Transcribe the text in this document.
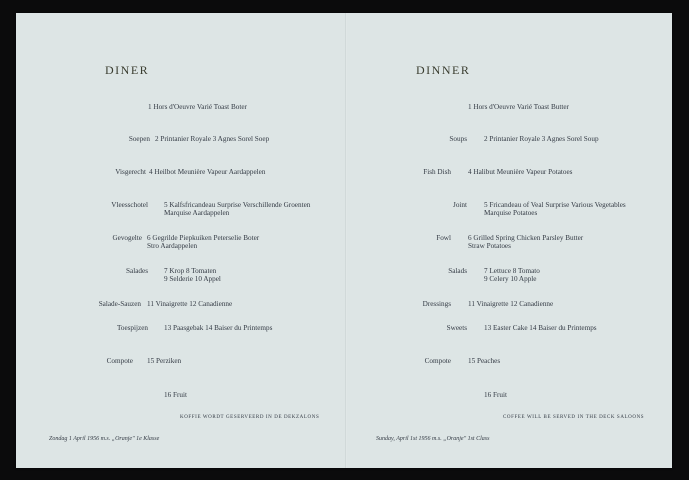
DINER
1 Hors d'Oeuvre Varié Toast Boter
Soepen 2 Printanier Royale 3 Agnes Sorel Soep
Visgerecht 4 Heilbot Meunière Vapeur Aardappelen
Vleesschotel 5 Kalfsfricandeau Surprise Verschillende Groenten
Marquise Aardappelen
Gevogelte 6 Gegrilde Piepkuiken Peterselie Boter
Stro Aardappelen
Salades 7 Krop 8 Tomaten
9 Selderie 10 Appel
Salade-Sauzen 11 Vinaigrette 12 Canadienne
Toespijzen 13 Paasgebak 14 Baiser du Printemps
Compote 15 Perziken
16 Fruit
KOFFIE WORDT GESERVEERD IN DE DEKZALONS
Zondag 1 April 1956 m.s. „Oranje" 1e Klasse
DINNER
1 Hors d'Oeuvre Varié Toast Butter
Soups 2 Printanier Royale 3 Agnes Sorel Soup
Fish Dish 4 Halibut Meunière Vapeur Potatoes
Joint 5 Fricandeau of Veal Surprise Various Vegetables
Marquise Potatoes
Fowl 6 Grilled Spring Chicken Parsley Butter
Straw Potatoes
Salads 7 Lettuce 8 Tomato
9 Celery 10 Apple
Dressings 11 Vinaigrette 12 Canadienne
Sweets 13 Easter Cake 14 Baiser du Printemps
Compote 15 Peaches
16 Fruit
COFFEE WILL BE SERVED IN THE DECK SALOONS
Sunday, April 1st 1956 m.s. „Oranje" 1st Class
